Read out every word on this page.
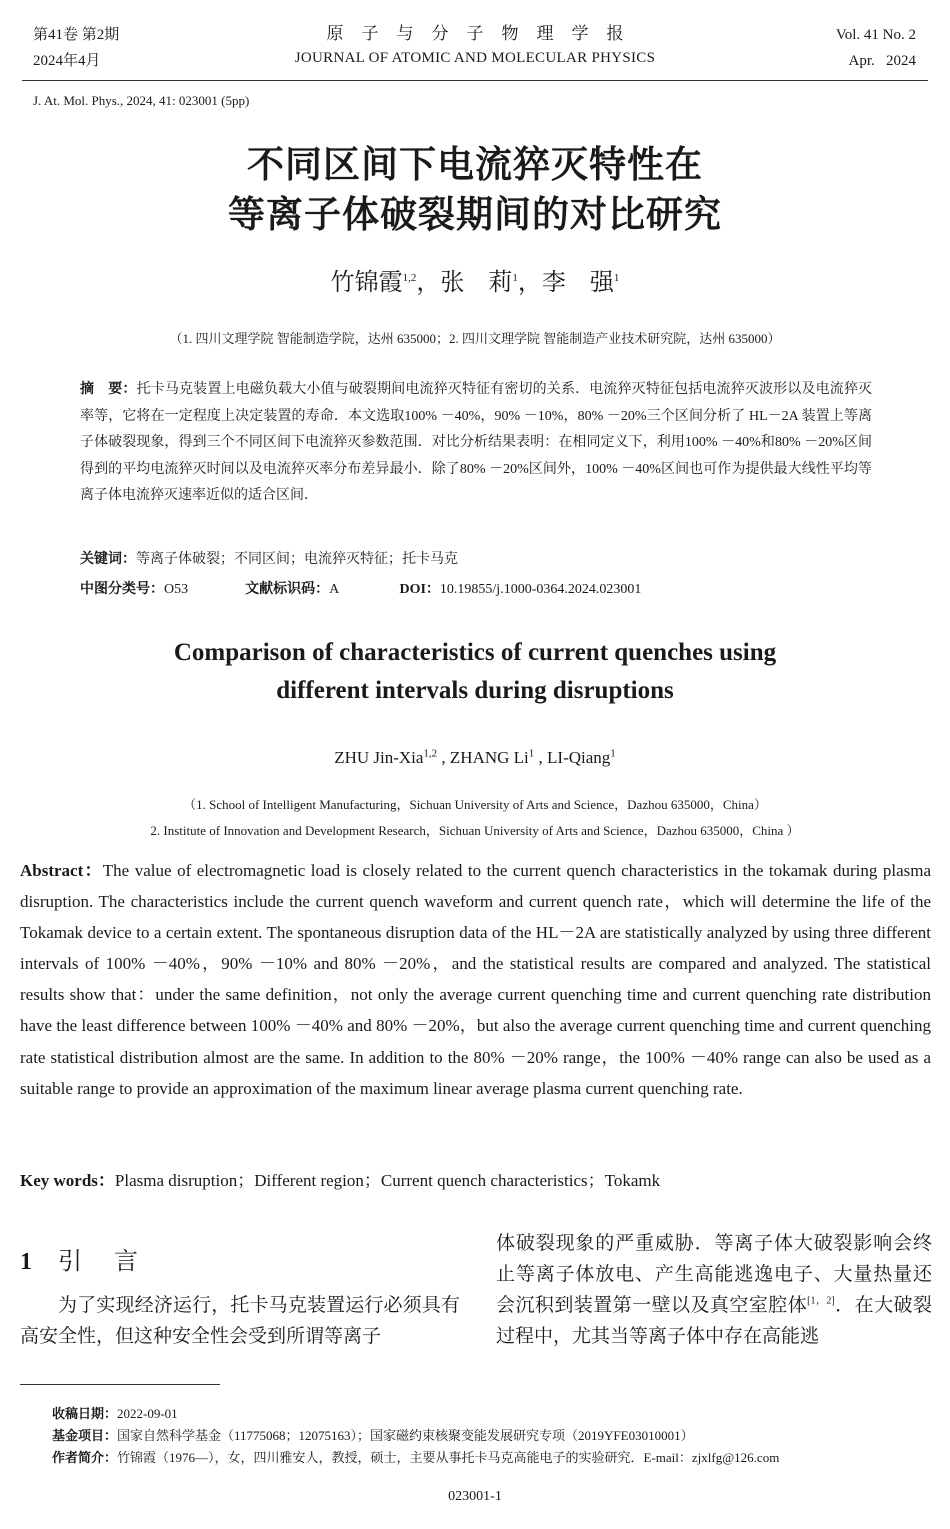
第41卷 第2期
2024年4月
原子与分子物理学报
JOURNAL OF ATOMIC AND MOLECULAR PHYSICS
Vol. 41 No. 2
Apr.   2024
J. At. Mol. Phys., 2024, 41: 023001 (5pp)
不同区间下电流猝灭特性在
等离子体破裂期间的对比研究
竹锦霞$^{1,2}$，张　莉$^1$，李　强$^1$
（1. 四川文理学院 智能制造学院，达州 635000；2. 四川文理学院 智能制造产业技术研究院，达州 635000）
摘　要：托卡马克装置上电磁负载大小值与破裂期间电流猝灭特征有密切的关系．电流猝灭特征包括电流猝灭波形以及电流猝灭率等，它将在一定程度上决定装置的寿命．本文选取100% －40%，90% －10%，80% －20%三个区间分析了 HL－2A 装置上等离子体破裂现象，得到三个不同区间下电流猝灭参数范围．对比分析结果表明：在相同定义下，利用100% －40%和80% －20%区间得到的平均电流猝灭时间以及电流猝灭率分布差异最小．除了80% －20%区间外，100% －40%区间也可作为提供最大线性平均等离子体电流猝灭速率近似的适合区间．
关键词：等离子体破裂；不同区间；电流猝灭特征；托卡马克
中图分类号：O53	文献标识码：A	DOI：10.19855/j.1000-0364.2024.023001
Comparison of characteristics of current quenches using
different intervals during disruptions
ZHU Jin-Xia$^{1,2}$ , ZHANG Li$^1$ , LI-Qiang$^1$
（1. School of Intelligent Manufacturing，Sichuan University of Arts and Science，Dazhou 635000，China）
2. Institute of Innovation and Development Research，Sichuan University of Arts and Science，Dazhou 635000，China ）
Abstract：The value of electromagnetic load is closely related to the current quench characteristics in the tokamak during plasma disruption. The characteristics include the current quench waveform and current quench rate，which will determine the life of the Tokamak device to a certain extent. The spontaneous disruption data of the HL－2A are statistically analyzed by using three different intervals of 100% －40%，90% －10% and 80% －20%，and the statistical results are compared and analyzed. The statistical results show that：under the same definition，not only the average current quenching time and current quenching rate distribution have the least difference between 100% －40% and 80% －20%，but also the average current quenching time and current quenching rate statistical distribution almost are the same. In addition to the 80% －20% range，the 100% －40% range can also be used as a suitable range to provide an approximation of the maximum linear average plasma current quenching rate.
Key words：Plasma disruption；Different region；Current quench characteristics；Tokamk
1 引言
为了实现经济运行，托卡马克装置运行必须具有高安全性，但这种安全性会受到所谓等离子
体破裂现象的严重威胁．等离子体大破裂影响会终止等离子体放电、产生高能逃逸电子、大量热量还会沉积到装置第一壁以及真空室腔体[1，2]．在大破裂过程中，尤其当等离子体中存在高能逃
收稿日期：2022-09-01
基金项目：国家自然科学基金（11775068；12075163）；国家磁约束核聚变能发展研究专项（2019YFE03010001）
作者简介：竹锦霞（1976—），女，四川雅安人，教授，硕士，主要从事托卡马克高能电子的实验研究．E-mail：zjxlfg@126.com
023001-1
